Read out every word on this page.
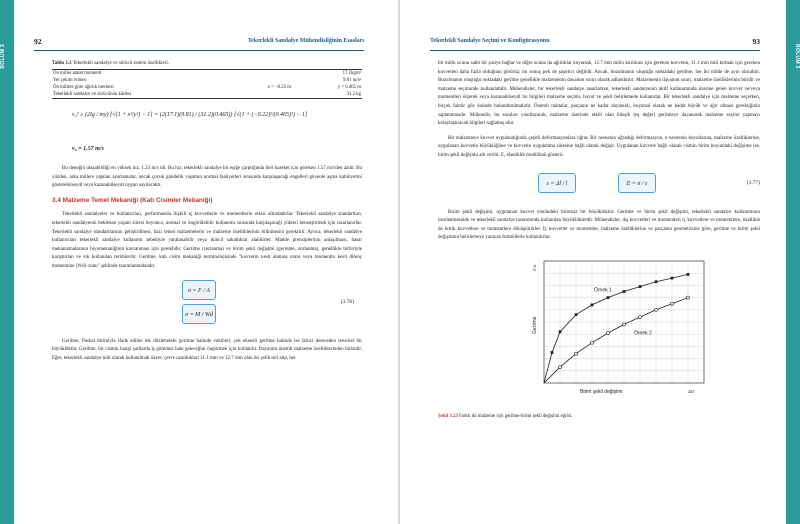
BÖLÜM 3
92	Tekerlekli Sandalye Mühendisliğinin Esasları
Tablo 3.3 Tekerlekli sandalye ve sürücü sistem özellikleri.
Ön miller atalet momenti		17.1kgm²
Yer çekim ivmesi		9.81 m/s²
Ön millere göre ağırlık merkezi	x = −0.22 m	y = 0.465 m
Tekerlekli sandalye ve sürücünün kütlesi		31.2 kg
v₀² ≥ (2Ig / my) [√(1 + x²/y²) − 1] = (2(17.1)(9.81) / (31.2)(0.465)) [√(1 + (−0.22)²/(0.465)²) − 1]
v₀ = 1.57 m/s

Bu deneğin ulaşabildiği en yüksek hız, 1.23 m/s idi. Bu hız, tekerlekli sandalye bir eşiğe çarptığında ileri hareket için gereken 1.57 m/s'den azdır. Bu yüzden, arka millere yapılan ayarlamalar, ancak çocuk gündelik yaşamın normal faaliyetleri sırasında karşılaşacağı engelleri güvenle aşma kabiliyetini gösterebilseydi veya kazanabilseydi uygun sayılacaktı.

3.4 Malzeme Temel Mekaniği (Katı Cisimler Mekaniği)

Tekerlekli sandalyeler ve kullanıcıları, performansla ilişkili iç kuvvetlerin ve momentlerin etkisi altındadırlar. Tekerlekli sandalye standartları, tekerlekli sandalyenin beklenen yaşam süresi boyunca, normal ve öngörülebilir kullanımı sırasında karşılaşacağı yükleri benzeştirmek için tasarlanırlar. Tekerlekli sandalye standartlarının geliştirilmesi, bazı temel malzemelerin ve malzeme özelliklerinin bilinmesini gerektirir. Ayrıca, tekerlekli sandalye kullanıcıları tekerlekli sandalye kullanımı sebebiyle yaralanabilir veya ikincil sakatlıklar alabilirler. Madde prensiplerinin anlaşılması, hasar mekanizmalarının biyomekaniğinin kavranması için gereklidir. Gerilme (zorlanma) ve birim şekil değişimi (gerinme, zorlanma), genellikle birbiriyle karıştırılan ve sık kullanılan terimlerdir. Gerilme, katı cisim mekaniği terminolojisinde "kuvvetin kesit alanına oranı veya momentin kesit direnç momentine (Wd) oranı" şeklinde tanımlanmaktadır.

σ = F / A
σ = M / Wd
(3.76)

Gerilme, Paskal birimiyle ifade edilen tek düzlemdeki gerilme halinde vektörel, çok eksenli gerilme halinde ise ikinci dereceden tensörel bir büyüklüktür. Gerilme, bir cismin hangi şartlarda iş göremez hale geleceğini öngörmek için kullanılır. Dayanım önemli malzeme özelliklerinden birisidir. Eğer, tekerlekli sandalye mili olarak kullanılmak üzere, çevre uzunlukları 11.1 mm ve 12.7 mm olan iki çelik mil alıp, her

BÖLÜM 3
Tekerlekli Sandalye Seçimi ve Konfigürasyonu	93

bir milin ucunu sabit bir şasiye bağlar ve diğer ucuna da ağırlıklar koyarsak, 12.7 mm milin kırılması için gereken kuvvetin, 11.1 mm mili kırmak için gereken kuvvetten daha fazla olduğunu görürüz; bu sonuç pek de şaşırtıcı değildir. Ancak, bozulmanın oluştuğu noktadaki gerilme, her iki milde de aynı olacaktır. Bozulmanın oluştuğu noktadaki gerilme genellikle malzemenin dayanım sınırı olarak adlandırılır. Malzemenin dayanım sınırı, malzeme özelliklerinin biridir ve malzeme seçiminde kullanılabilir. Mühendisler, bir tekerlekli sandalye tasarlarken, tekerlekli sandalyenin aktif kullanımında üzerine gelen kuvvet ve/veya momentleri ölçerek veya kazanabilseydi bu bilgileri malzeme seçimi, boyut ve şekil belirlemede kullanırlar. Bir tekerlekli sandalye için malzeme seçerken, birçok faktör göz önünde bulundurulmalıdır. Önemli noktalar, parçanın ne kadar dayanıklı, boyutsal olarak ne kadar büyük ve ağır olması gerektiğinin saptanmasıdır. Mühendis, bu soruları yanıtlayarak, malzeme üzerinde etkili olan bileşik (eş değer) gerilmeye dayanarak malzeme seçimi yapmayı kolaylaştıracak bilgileri sağlamış olur.

Bir malzemeye kuvvet uygulandığında çeşitli deformasyonlara uğrar. Bir nesnenin uğradığı deformasyon, o nesnenin boyutlarına, malzeme özelliklerine, uygulanan kuvvetin büyüklüğüne ve kuvvetin uygulanma süresine bağlı olarak değişir. Uygulanan kuvvete bağlı olarak cismin birim boyundaki değişime ise, birim şekil değişimi adı verilir. E, elastiklik modülünü gösterir.

ε = Δl / l	E = σ / ε	(3.77)

Birim şekil değişimi, uygulanan kuvvet yönündeki birimsiz bir büyüklüktür. Gerilme ve birim şekil değişimi, tekerlekli sandalye kullanımının incelenmesinde ve tekerlekli sandalye tasarımında kullanılan büyüklüklerdir. Mühendisler, dış kuvvetleri ve momentleri iç kuvvetlere ve momentlere, özellikle de kritik kuvvetlere ve momentlere dönüştürürler. İç kuvvetler ve momentler, malzeme özelliklerine ve parçanın geometrisine göre, gerilme ve birim şekil değişimini belirlemeye yarayan formüllerle kullanılırlar.

Örnek 1
Örnek 2
Gerilme
F/a
Birim şekil değişimi	Δl/l
Şekil 3.23 Farklı iki malzeme için gerilme-birim şekil değişimi eğrisi.
